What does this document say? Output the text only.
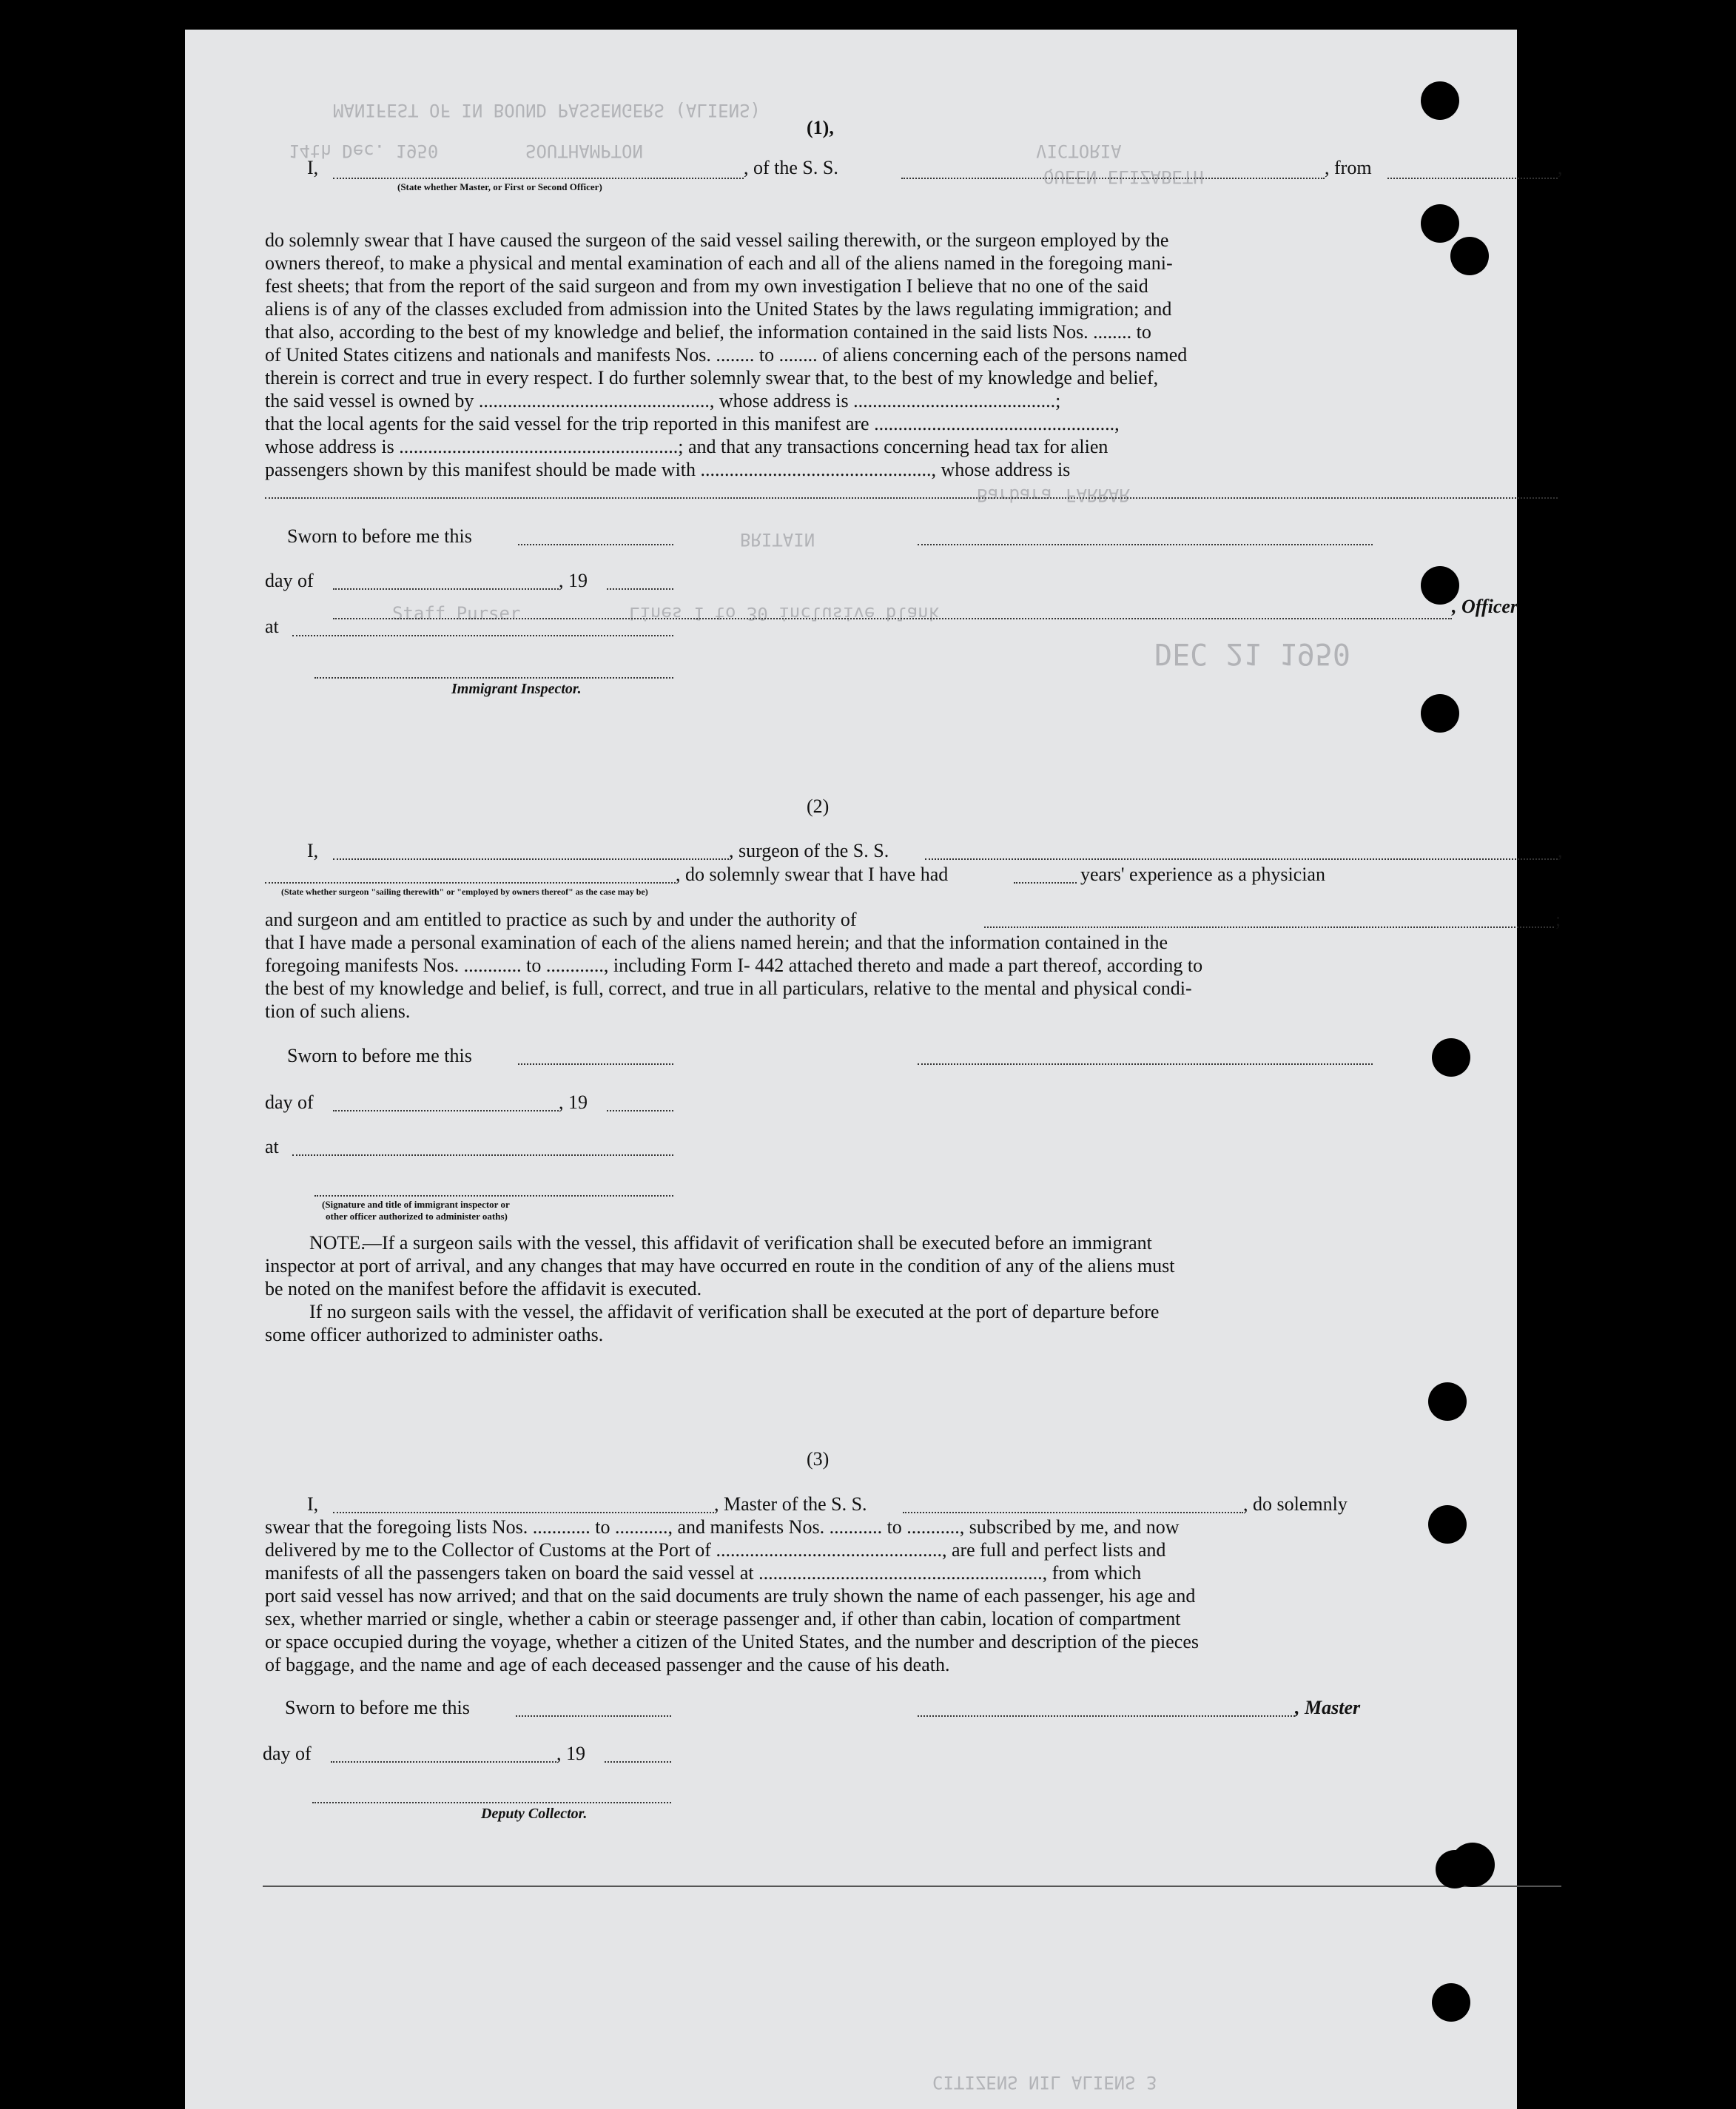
MANIFEST OF IN BOUND PASSENGERS (ALIENS)
SOUTHAMPTON
14th Dec. 1950	VICTORIA
QUEEN ELIZABETH
FARRAR
Barbara
BRITAIN
Staff Purser	Lines 1 to 30 inclusive blank
DEC 21 1950
CITIZENS NIL ALIENS 3
(1),
I,	, of the S. S.	, from	,
(State whether Master, or First or Second Officer)
do solemnly swear that I have caused the surgeon of the said vessel sailing therewith, or the surgeon employed by the
owners thereof, to make a physical and mental examination of each and all of the aliens named in the foregoing mani-
fest sheets; that from the report of the said surgeon and from my own investigation I believe that no one of the said
aliens is of any of the classes excluded from admission into the United States by the laws regulating immigration; and
that also, according to the best of my knowledge and belief, the information contained in the said lists Nos. ........ to
of United States citizens and nationals and manifests Nos. ........ to ........ of aliens concerning each of the persons named
therein is correct and true in every respect. I do further solemnly swear that, to the best of my knowledge and belief,
the said vessel is owned by ................................................, whose address is ..........................................;
that the local agents for the said vessel for the trip reported in this manifest are ..................................................,
whose address is ..........................................................; and that any transactions concerning head tax for alien
passengers shown by this manifest should be made with ................................................, whose address is
Sworn to before me this
day of	, 19
, Officer
at
Immigrant Inspector.
(2)
I,	, surgeon of the S. S.	,
, do solemnly swear that I have had	years' experience as a physician
(State whether surgeon "sailing therewith" or "employed by owners thereof" as the case may be)
and surgeon and am entitled to practice as such by and under the authority of	;
that I have made a personal examination of each of the aliens named herein; and that the information contained in the
foregoing manifests Nos. ............ to ............, including Form I- 442 attached thereto and made a part thereof, according to
the best of my knowledge and belief, is full, correct, and true in all particulars, relative to the mental and physical condi-
tion of such aliens.
Sworn to before me this
day of	, 19
at
(Signature and title of immigrant inspector or
other officer authorized to administer oaths)
NOTE.
—If a surgeon sails with the vessel, this affidavit of verification shall be executed before an immigrant
inspector at port of arrival, and any changes that may have occurred en route in the condition of any of the aliens must
be noted on the manifest before the affidavit is executed.
If no surgeon sails with the vessel, the affidavit of verification shall be executed at the port of departure before
some officer authorized to administer oaths.
(3)
I,	, Master of the S. S.	, do solemnly
swear that the foregoing lists Nos. ............ to ..........., and manifests Nos. ........... to ..........., subscribed by me, and now
delivered by me to the Collector of Customs at the Port of ..............................................., are full and perfect lists and
manifests of all the passengers taken on board the said vessel at ..........................................................., from which
port said vessel has now arrived; and that on the said documents are truly shown the name of each passenger, his age and
sex, whether married or single, whether a cabin or steerage passenger and, if other than cabin, location of compartment
or space occupied during the voyage, whether a citizen of the United States, and the number and description of the pieces
of baggage, and the name and age of each deceased passenger and the cause of his death.
Sworn to before me this	, Master
day of	, 19
Deputy Collector.
